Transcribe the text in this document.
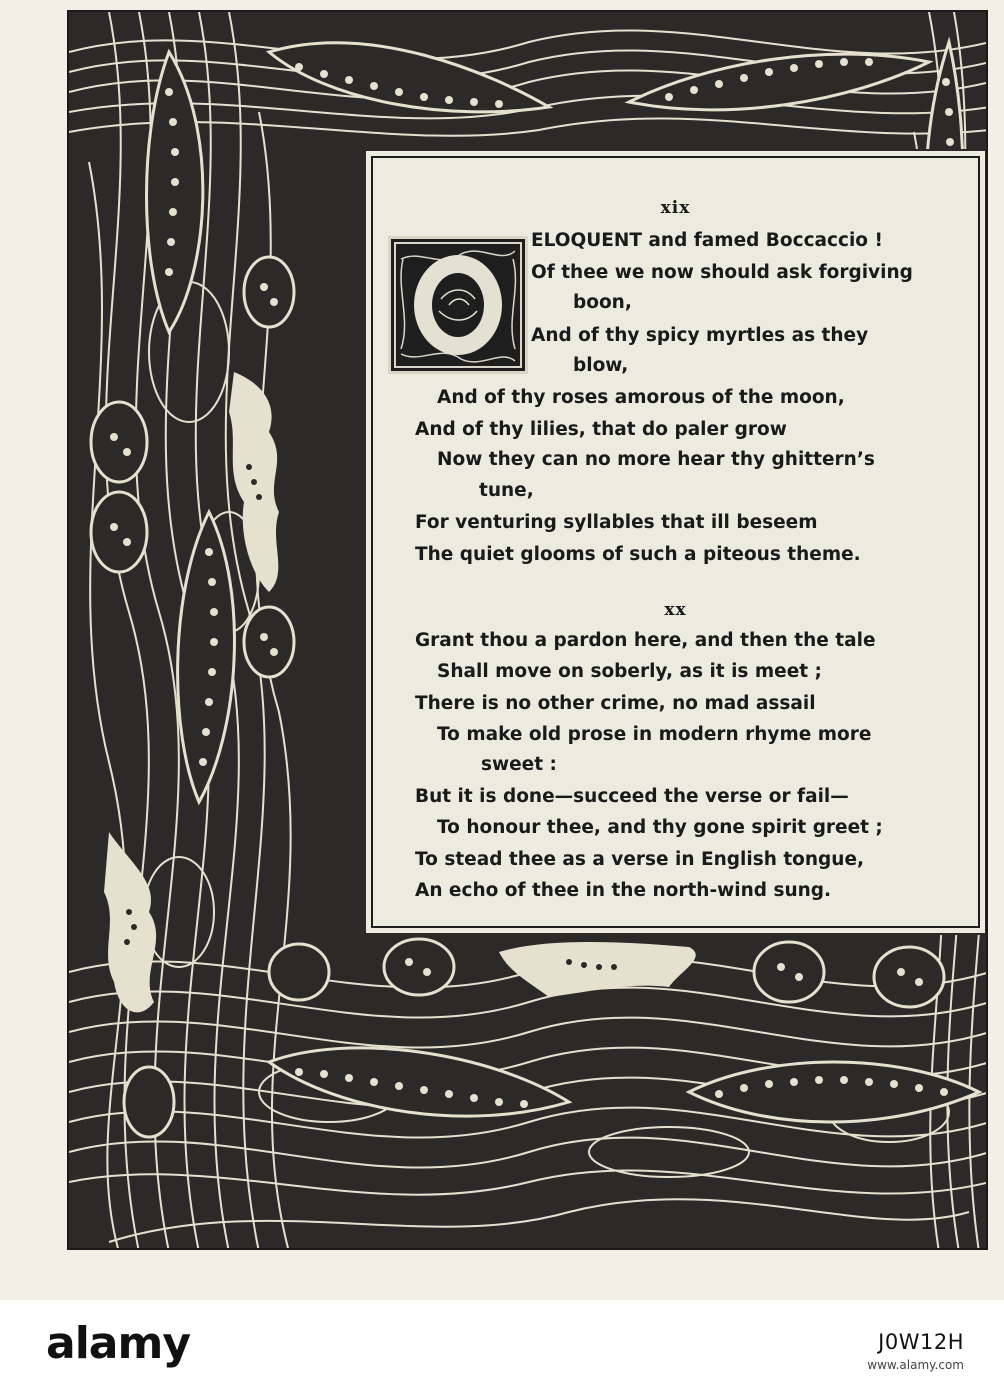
xix
ELOQUENT and famed Boccaccio !
Of thee we now should ask forgiving
boon,
And of thy spicy myrtles as they
blow,
And of thy roses amorous of the moon,
And of thy lilies, that do paler grow
Now they can no more hear thy ghittern’s
tune,
For venturing syllables that ill beseem
The quiet glooms of such a piteous theme.
xx
Grant thou a pardon here, and then the tale
Shall move on soberly, as it is meet ;
There is no other crime, no mad assail
To make old prose in modern rhyme more
sweet :
But it is done—succeed the verse or fail—
To honour thee, and thy gone spirit greet ;
To stead thee as a verse in English tongue,
An echo of thee in the north-wind sung.
alamy	J0W12H
www.alamy.com
